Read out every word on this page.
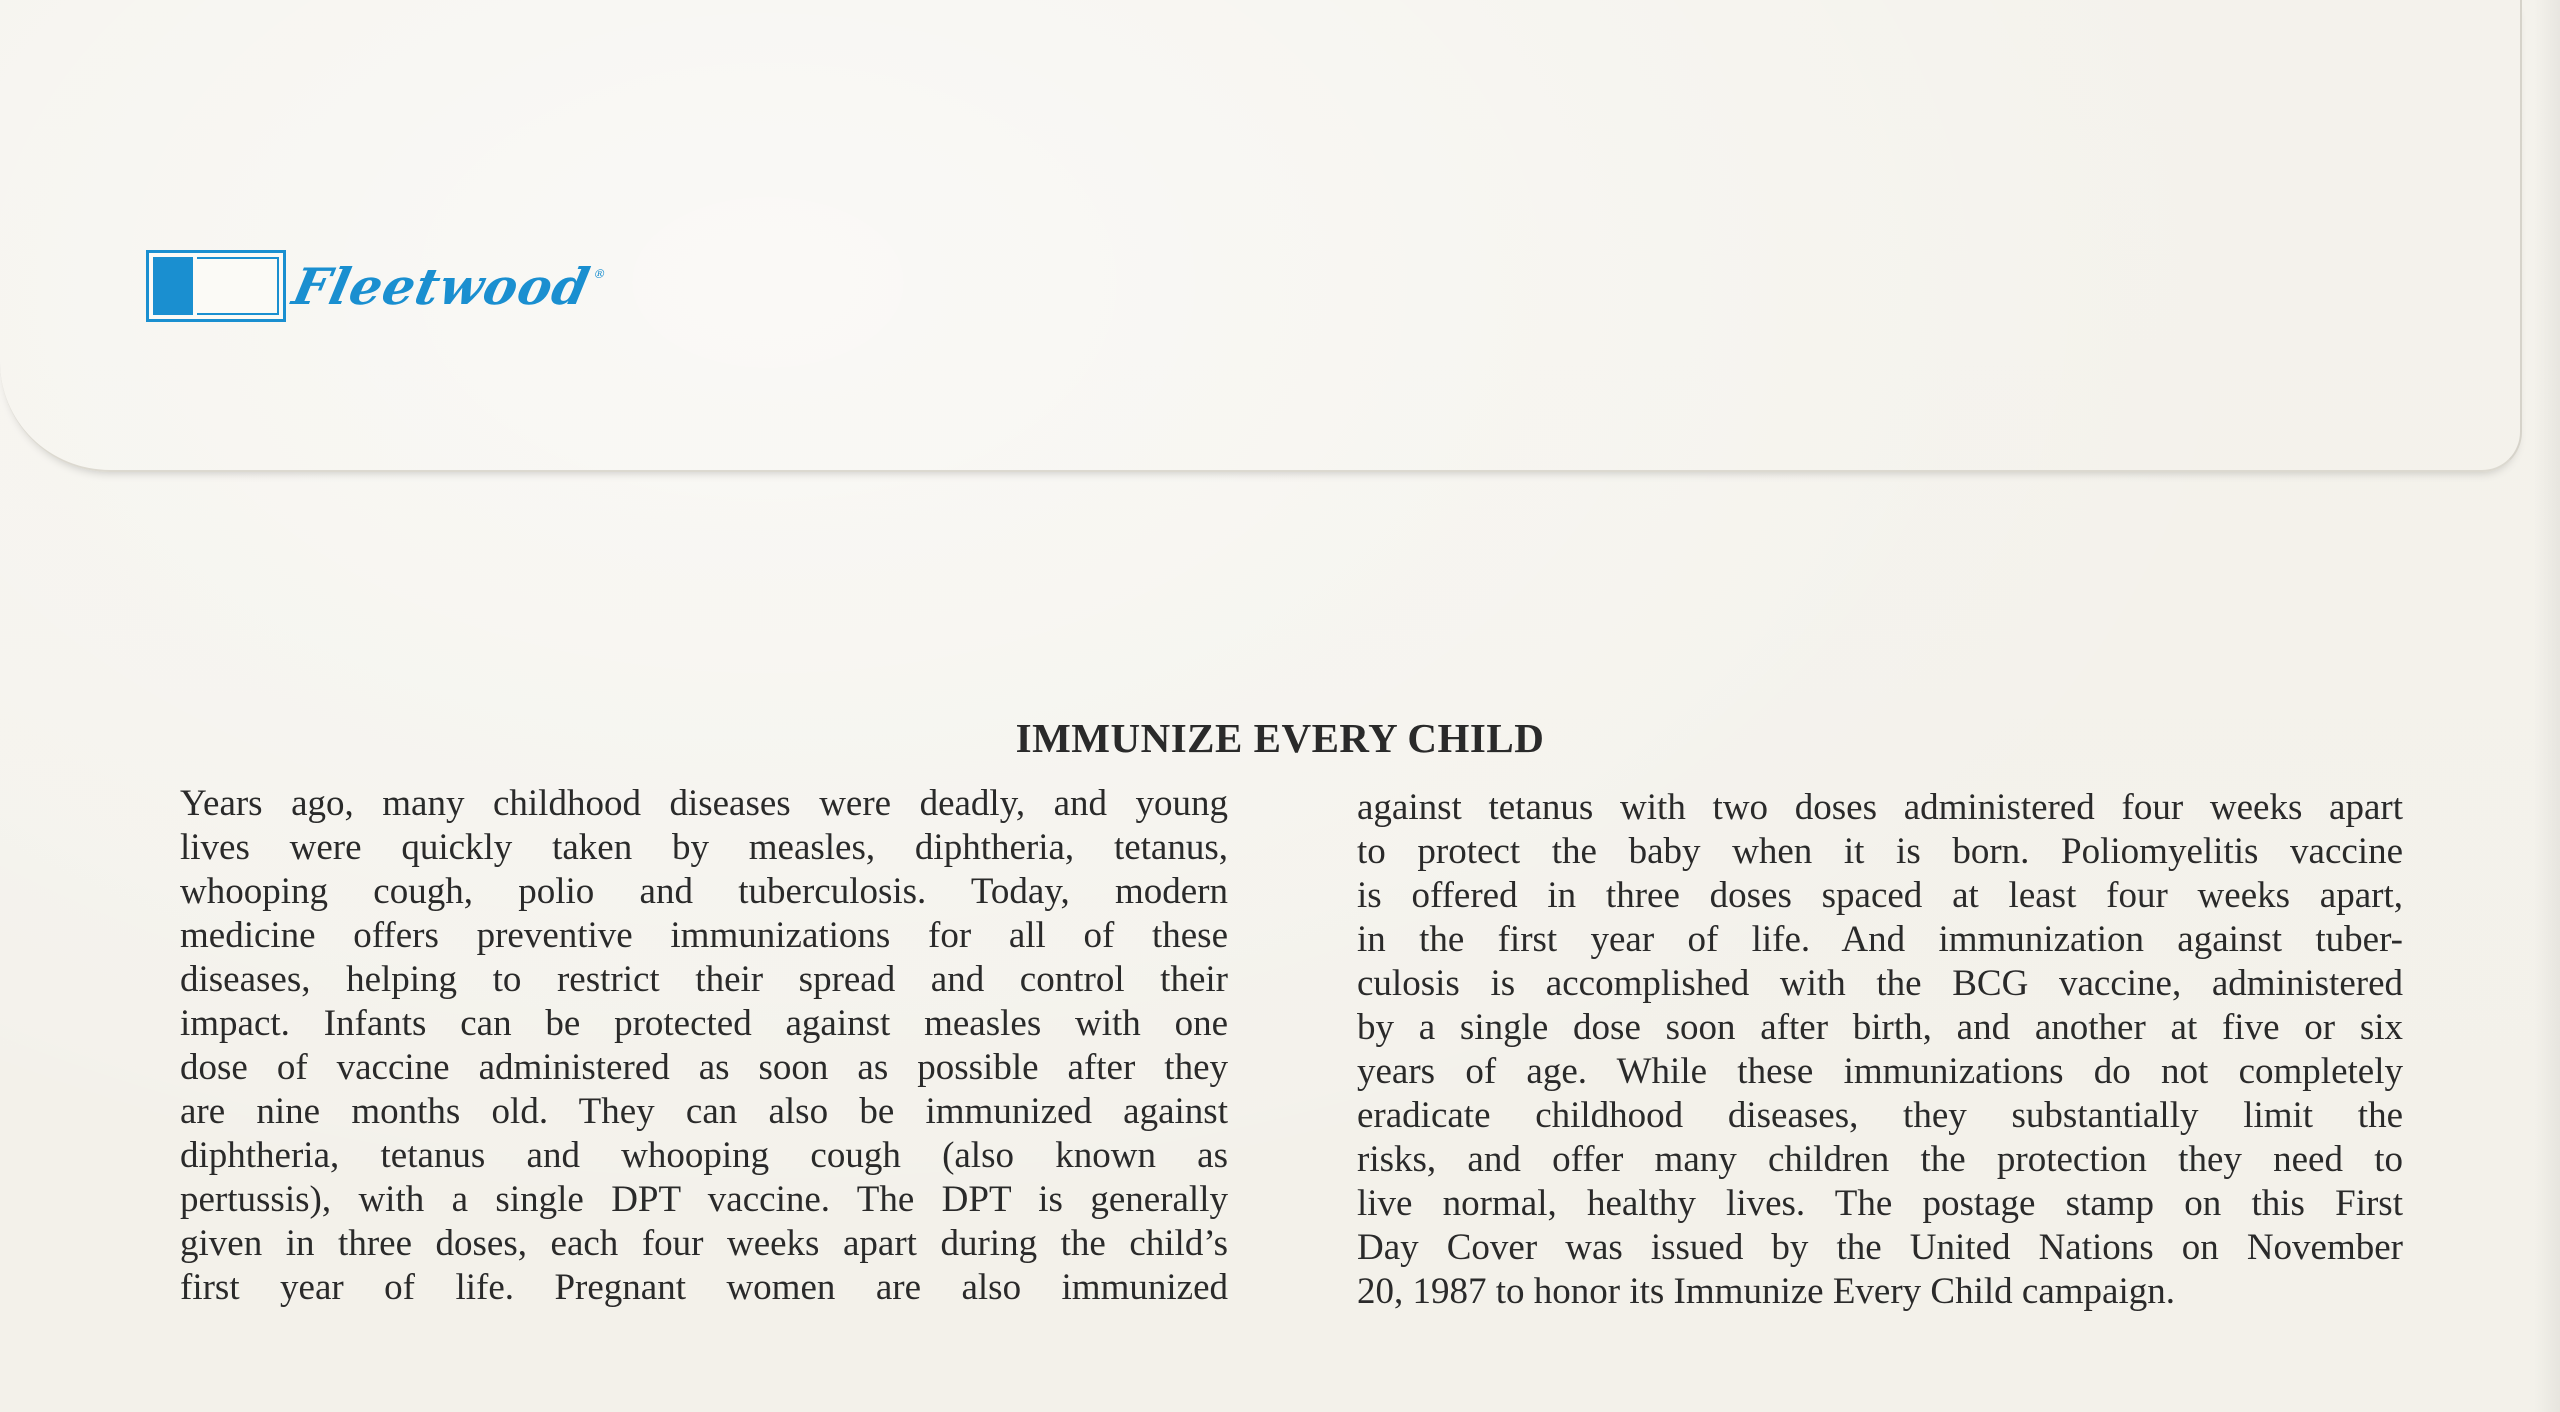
Fleetwood
®
IMMUNIZE EVERY CHILD
Years ago, many childhood diseases were deadly, and young
lives were quickly taken by measles, diphtheria, tetanus,
whooping cough, polio and tuberculosis. Today, modern
medicine offers preventive immunizations for all of these
diseases, helping to restrict their spread and control their
impact. Infants can be protected against measles with one
dose of vaccine administered as soon as possible after they
are nine months old. They can also be immunized against
diphtheria, tetanus and whooping cough (also known as
pertussis), with a single DPT vaccine. The DPT is generally
given in three doses, each four weeks apart during the child’s
first year of life. Pregnant women are also immunized
against tetanus with two doses administered four weeks apart
to protect the baby when it is born. Poliomyelitis vaccine
is offered in three doses spaced at least four weeks apart,
in the first year of life. And immunization against tuber-
culosis is accomplished with the BCG vaccine, administered
by a single dose soon after birth, and another at five or six
years of age. While these immunizations do not completely
eradicate childhood diseases, they substantially limit the
risks, and offer many children the protection they need to
live normal, healthy lives. The postage stamp on this First
Day Cover was issued by the United Nations on November
20, 1987 to honor its Immunize Every Child campaign.
